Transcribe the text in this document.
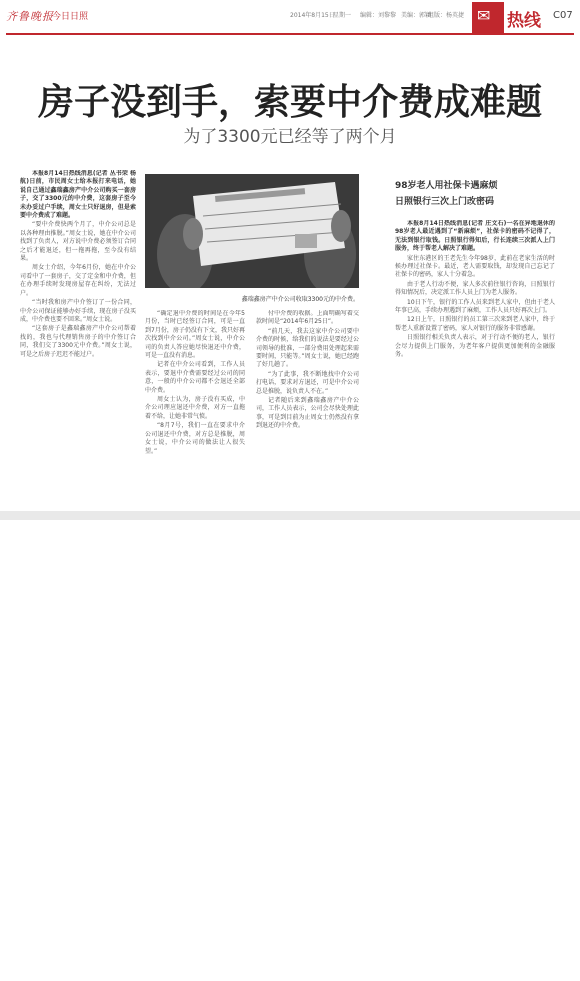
齐鲁晚报
今日日照	2014年8月15日
星期一 编辑：刘黎黎 美编：郭颖
组版：杨英捷 ✉ 热线 C07
房子没到手，索要中介费成难题
为了3300元已经等了两个月

本报8月14日热线消息(记者 丛书荣 杨航)日前，市民周女士给本报打来电话，她说自己通过鑫瑞鑫房产中介公司购买一套房子，交了3300元的中介费，这套房子至今未办妥过户手续，周女士只好退房，但是索要中介费成了难题。

“要中介费快两个月了，中介公司总是以各种理由推脱。”周女士说，她在中介公司找到了负责人，对方说中介费必须签订合同之后才能退还，但一拖再拖，至今没有结果。

周女士介绍，今年6月份，她在中介公司看中了一套房子，交了定金和中介费，但在办理手续时发现房屋存在纠纷，无法过户。

“当时我和房产中介签订了一份合同，中介公司保证能够办好手续，现在房子没买成，中介费也要不回来。”周女士说。

“这套房子是鑫瑞鑫房产中介公司帮着找的，我也与代理销售房子的中介签订合同，我们交了3300元中介费。”周女士说，可是之后房子迟迟不能过户。

鑫瑞鑫房产中介公司收取3300元的中介费。

“确定退中介费的时间是在今年5月份，当时已经签订合同，可是一直到7月份，房子仍没有下文，我只好再次找到中介公司。”周女士说，中介公司的负责人答应她尽快退还中介费，可是一直没有消息。

记者在中介公司看到，工作人员表示，要退中介费需要经过公司的同意，一般的中介公司都不会退还全部中介费。

周女士认为，房子没有买成，中介公司理应退还中介费，对方一直拖着不给，让她非常气愤。

“8月7号，我们一直在要求中介公司退还中介费，对方总是推脱，周女士说，中介公司的做法让人很失望。”

付中介费的收据。上面明确写着交款时间是“2014年6月25日”。

“前几天，我去这家中介公司要中介费的时候，给我们的说法是要经过公司领导的批准，一部分费用处理起来需要时间，只能等。”周女士说，她已经跑了好几趟了。

“为了此事，我不断地找中介公司打电话，要求对方退还，可是中介公司总是推脱，说负责人不在。”

记者随后来到鑫瑞鑫房产中介公司，工作人员表示，公司会尽快处理此事，可是到目前为止周女士仍然没有拿到退还的中介费。

98岁老人用社保卡遇麻烦
日照银行三次上门改密码

本报8月14日热线消息(记者 庄文石)一名在异地退休的98岁老人最近遇到了“新麻烦”，社保卡的密码不记得了，无法到银行取钱。日照银行得知后，行长连续三次派人上门服务，终于帮老人解决了难题。

家住东港区的王老先生今年98岁，此前在老家生活的时候办理过社保卡。最近，老人需要取钱，却发现自己忘记了社保卡的密码，家人十分着急。

由于老人行动不便，家人多次前往银行咨询，日照银行得知情况后，决定派工作人员上门为老人服务。

10日下午，银行的工作人员来到老人家中，但由于老人年事已高，手续办理遇到了麻烦，工作人员只好再次上门。

12日上午，日照银行的员工第三次来到老人家中，终于帮老人重新设置了密码，家人对银行的服务非常感谢。

日照银行相关负责人表示，对于行动不便的老人，银行会尽力提供上门服务，为老年客户提供更加便利的金融服务。
